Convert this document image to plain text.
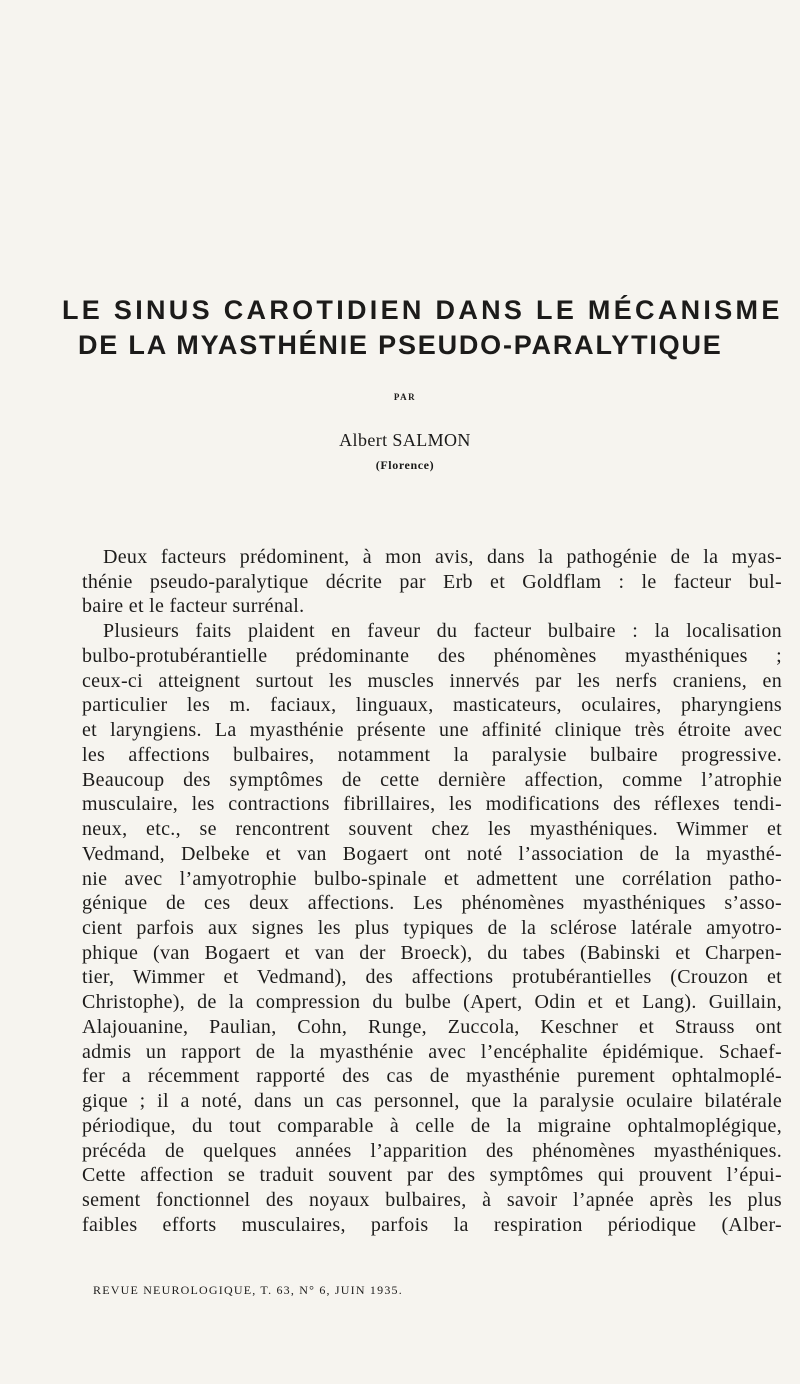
LE SINUS CAROTIDIEN DANS LE MÉCANISME
DE LA MYASTHÉNIE PSEUDO-PARALYTIQUE
PAR
Albert SALMON
(Florence)
Deux facteurs prédominent, à mon avis, dans la pathogénie de la myas-
thénie pseudo-paralytique décrite par Erb et Goldflam : le facteur bul-
baire et le facteur surrénal.
Plusieurs faits plaident en faveur du facteur bulbaire : la localisation
bulbo-protubérantielle prédominante des phénomènes myasthéniques ;
ceux-ci atteignent surtout les muscles innervés par les nerfs craniens, en
particulier les m. faciaux, linguaux, masticateurs, oculaires, pharyngiens
et laryngiens. La myasthénie présente une affinité clinique très étroite avec
les affections bulbaires, notamment la paralysie bulbaire progressive.
Beaucoup des symptômes de cette dernière affection, comme l’atrophie
musculaire, les contractions fibrillaires, les modifications des réflexes tendi-
neux, etc., se rencontrent souvent chez les myasthéniques. Wimmer et
Vedmand, Delbeke et van Bogaert ont noté l’association de la myasthé-
nie avec l’amyotrophie bulbo-spinale et admettent une corrélation patho-
génique de ces deux affections. Les phénomènes myasthéniques s’asso-
cient parfois aux signes les plus typiques de la sclérose latérale amyotro-
phique (van Bogaert et van der Broeck), du tabes (Babinski et Charpen-
tier, Wimmer et Vedmand), des affections protubérantielles (Crouzon et
Christophe), de la compression du bulbe (Apert, Odin et et Lang). Guillain,
Alajouanine, Paulian, Cohn, Runge, Zuccola, Keschner et Strauss ont
admis un rapport de la myasthénie avec l’encéphalite épidémique. Schaef-
fer a récemment rapporté des cas de myasthénie purement ophtalmoplé-
gique ; il a noté, dans un cas personnel, que la paralysie oculaire bilatérale
périodique, du tout comparable à celle de la migraine ophtalmoplégique,
précéda de quelques années l’apparition des phénomènes myasthéniques.
Cette affection se traduit souvent par des symptômes qui prouvent l’épui-
sement fonctionnel des noyaux bulbaires, à savoir l’apnée après les plus
faibles efforts musculaires, parfois la respiration périodique (Alber-
REVUE NEUROLOGIQUE, T. 63, N° 6, JUIN 1935.
